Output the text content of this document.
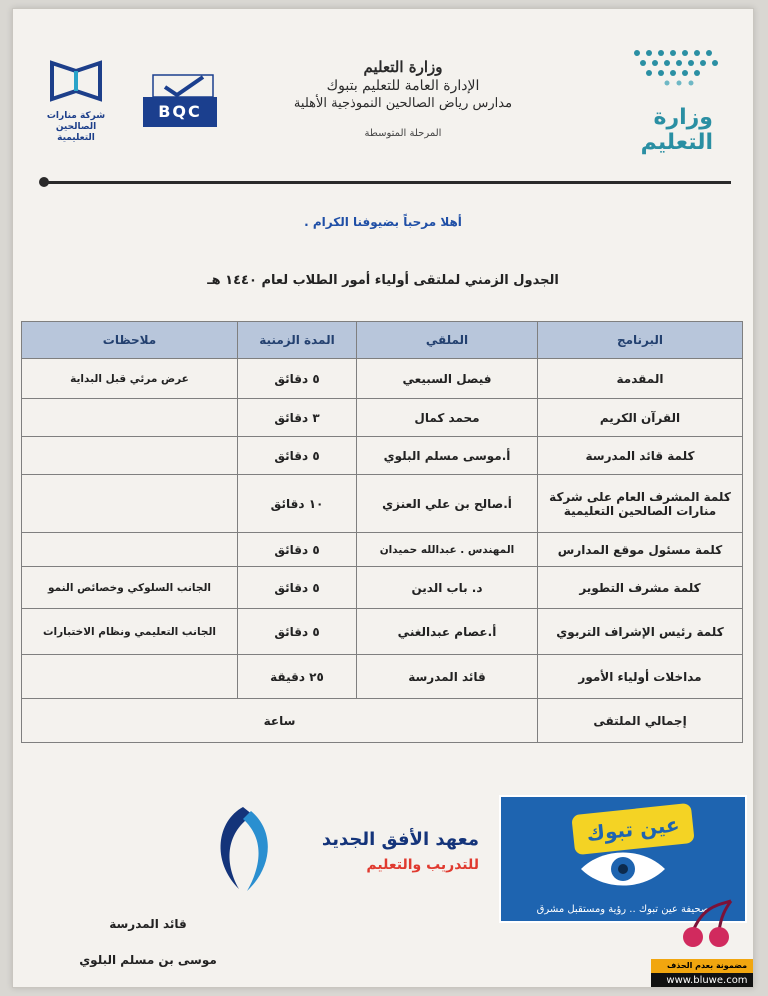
وزارة التعليم
وزارة التعليم
الإدارة العامة للتعليم بتبوك
مدارس رياض الصالحين النموذجية الأهلية
المرحلة المتوسطة
BQC
شركة منارات الصالحين التعليمية
أهلا مرحباً بضيوفنا الكرام .
الجدول الزمني لملتقى أولياء أمور الطلاب لعام ١٤٤٠ هـ
البرنامج	الملقي	المدة الزمنية	ملاحظات
المقدمة	فيصل السبيعي	٥ دقائق	عرض مرئي قبل البداية
القرآن الكريم	محمد كمال	٣ دقائق	
كلمة قائد المدرسة	أ.موسى مسلم البلوي	٥ دقائق	
كلمة المشرف العام على شركة منارات الصالحين التعليمية	أ.صالح بن علي العنزي	١٠ دقائق	
كلمة مسئول موقع المدارس	المهندس . عبدالله حميدان	٥ دقائق	
كلمة مشرف التطوير	د. باب الدين	٥ دقائق	الجانب السلوكي وخصائص النمو
كلمة رئيس الإشراف التربوي	أ.عصام عبدالغني	٥ دقائق	الجانب التعليمي ونظام الاختبارات
مداخلات أولياء الأمور	قائد المدرسة	٢٥ دقيقة	
إجمالي الملتقى	ساعة		
معهد الأفق الجديد
للتدريب والتعليم
عين تبوك
صحيفة عين تبوك .. رؤية ومستقبل مشرق
قائد المدرسة
موسى بن مسلم البلوي	مضمونة بعدم الحذف
www.bluwe.com
